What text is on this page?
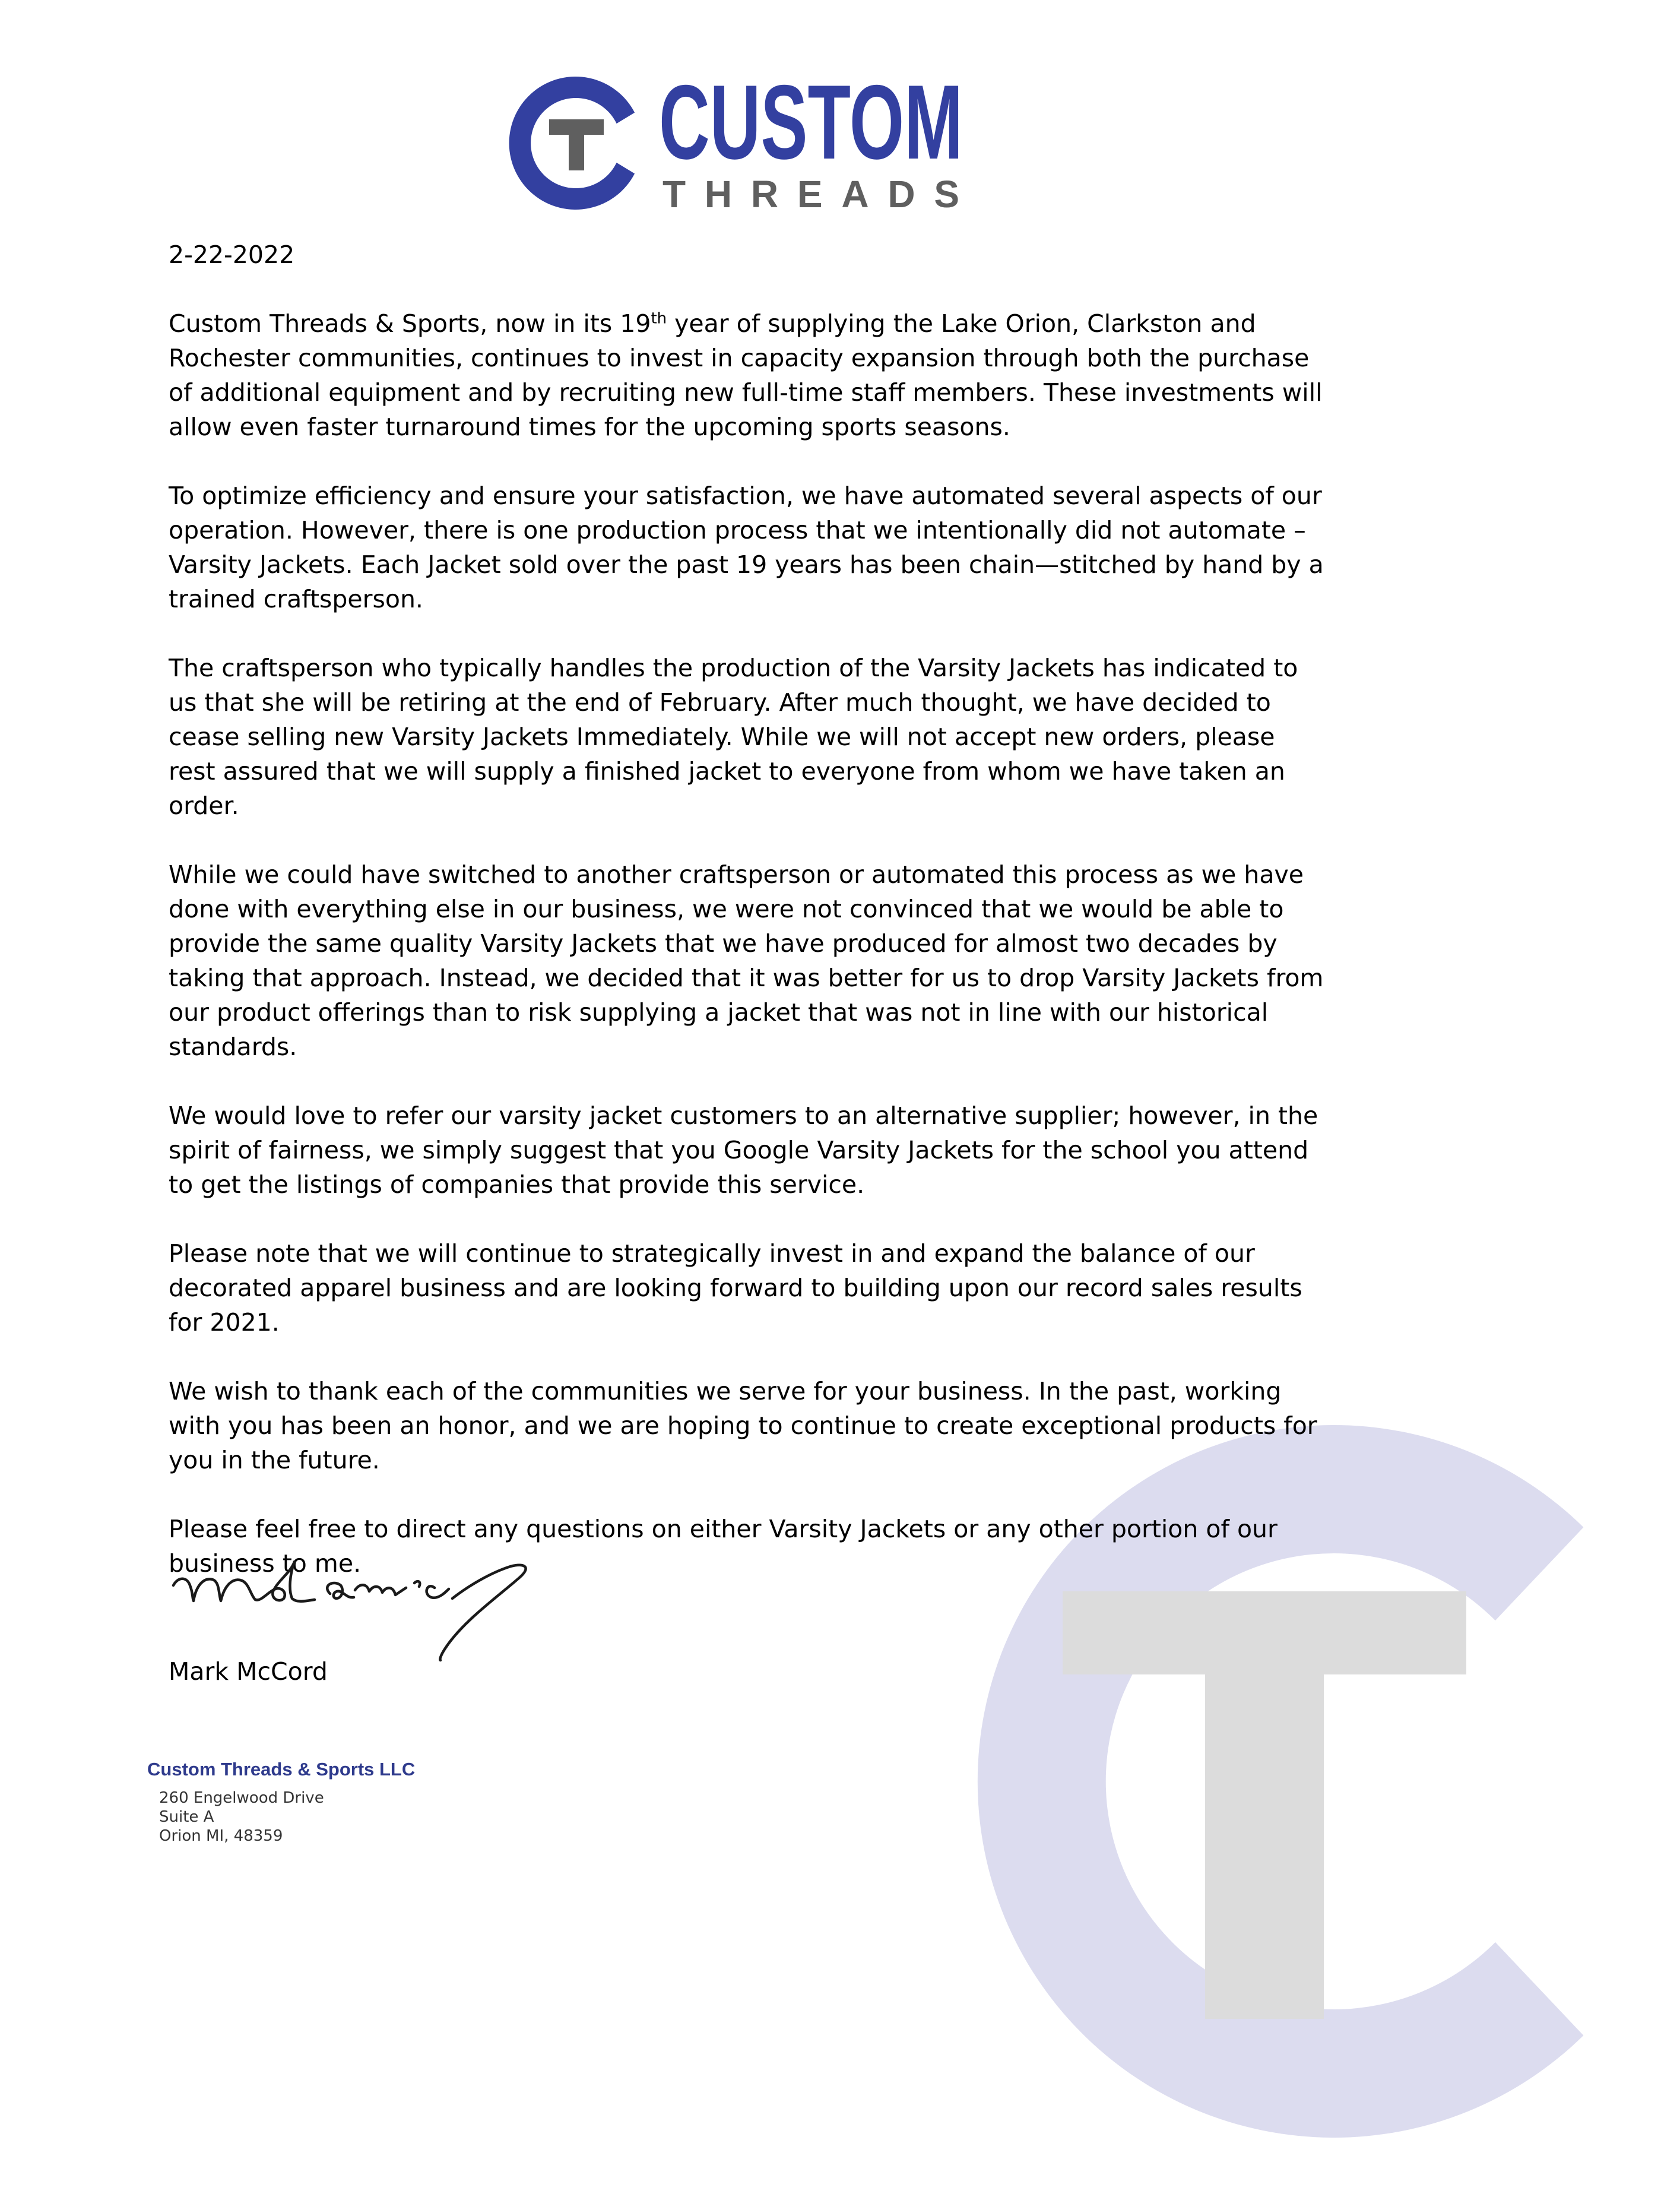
CUSTOM
THREADS

2-22-2022

Custom Threads & Sports, now in its 19th year of supplying the Lake Orion, Clarkston and Rochester communities, continues to invest in capacity expansion through both the purchase of additional equipment and by recruiting new full-time staff members. These investments will allow even faster turnaround times for the upcoming sports seasons.

To optimize efficiency and ensure your satisfaction, we have automated several aspects of our operation. However, there is one production process that we intentionally did not automate – Varsity Jackets. Each Jacket sold over the past 19 years has been chain—stitched by hand by a trained craftsperson.

The craftsperson who typically handles the production of the Varsity Jackets has indicated to us that she will be retiring at the end of February. After much thought, we have decided to cease selling new Varsity Jackets Immediately. While we will not accept new orders, please rest assured that we will supply a finished jacket to everyone from whom we have taken an order.

While we could have switched to another craftsperson or automated this process as we have done with everything else in our business, we were not convinced that we would be able to provide the same quality Varsity Jackets that we have produced for almost two decades by taking that approach. Instead, we decided that it was better for us to drop Varsity Jackets from our product offerings than to risk supplying a jacket that was not in line with our historical standards.

We would love to refer our varsity jacket customers to an alternative supplier; however, in the spirit of fairness, we simply suggest that you Google Varsity Jackets for the school you attend to get the listings of companies that provide this service.

Please note that we will continue to strategically invest in and expand the balance of our decorated apparel business and are looking forward to building upon our record sales results for 2021.

We wish to thank each of the communities we serve for your business. In the past, working with you has been an honor, and we are hoping to continue to create exceptional products for you in the future.

Please feel free to direct any questions on either Varsity Jackets or any other portion of our business to me.

Mark McCord
Custom Threads & Sports LLC
260 Engelwood Drive
Suite A
Orion MI, 48359
